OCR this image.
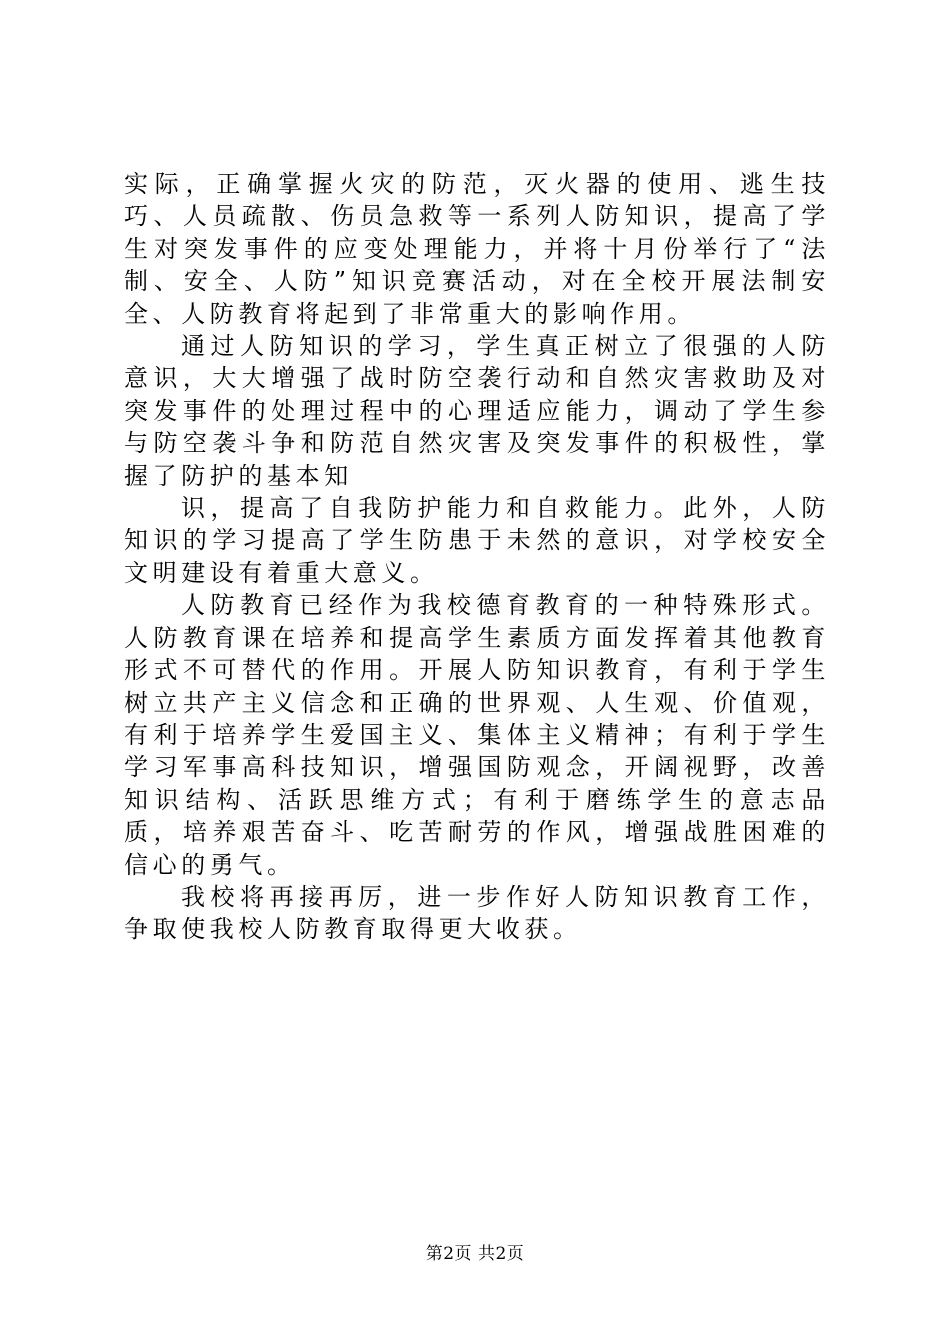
实际，正确掌握火灾的防范，灭火器的使用、逃生技巧、人员疏散、伤员急救等一系列人防知识，提高了学生对突发事件的应变处理能力，并将十月份举行了“法制、安全、人防”知识竞赛活动，对在全校开展法制安全、人防教育将起到了非常重大的影响作用。

通过人防知识的学习，学生真正树立了很强的人防意识，大大增强了战时防空袭行动和自然灾害救助及对突发事件的处理过程中的心理适应能力，调动了学生参与防空袭斗争和防范自然灾害及突发事件的积极性，掌握了防护的基本知

识，提高了自我防护能力和自救能力。此外，人防知识的学习提高了学生防患于未然的意识，对学校安全文明建设有着重大意义。

人防教育已经作为我校德育教育的一种特殊形式。人防教育课在培养和提高学生素质方面发挥着其他教育形式不可替代的作用。开展人防知识教育，有利于学生树立共产主义信念和正确的世界观、人生观、价值观，有利于培养学生爱国主义、集体主义精神；有利于学生学习军事高科技知识，增强国防观念，开阔视野，改善知识结构、活跃思维方式；有利于磨练学生的意志品质，培养艰苦奋斗、吃苦耐劳的作风，增强战胜困难的信心的勇气。

我校将再接再厉，进一步作好人防知识教育工作，争取使我校人防教育取得更大收获。

第2页 共2页
